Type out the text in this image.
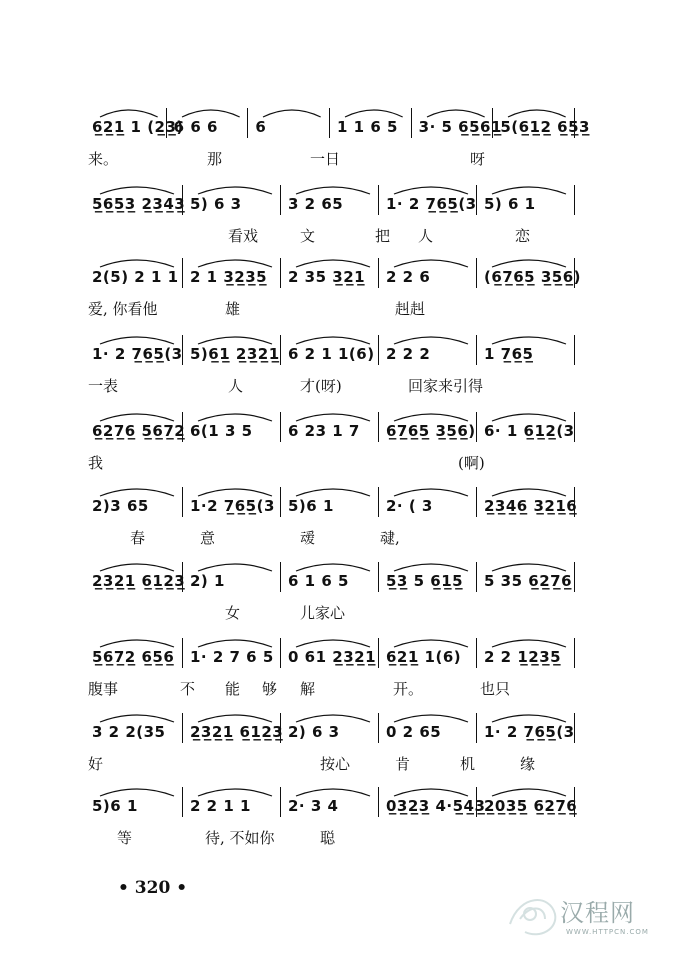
6̲2̲1̲ 1 (2̲3̲)
6 6 6 6	1 1 6 5 3· 5 6̲5̲6̲1̲
5(6̲1̲2̲ 6̲5̲3̲
来。	那	一日	呀
5̲6̲5̲3̲ 2̲3̲4̲3̲ 5) 6 3	3 2 65	1· 2 7̲6̲5̲(3 5) 6 1
看戏	文	把 人	恋
2(5) 2 1 1 2 1 3̲2̲3̲5̲ 2 35 3̲2̲1̲ 2 2 6	(6̲7̲6̲5̲ 3̲5̲6̲)
爱, 你看他	雄	赳赳
1· 2 7̲6̲5̲(3 5)6̲1̲ 2̲3̲2̲1̲ 6 2 1 1(6) 2 2 2	1 7̲6̲5̲
一表	人	才(呀)	回家来引得
6̲2̲7̲6̲ 5̲6̲7̲2̲ 6(1 3 5 6 23 1 7 6̲7̲6̲5̲ 3̲5̲6̲) 6· 1 6̲1̲2̲(3
我	(啊)
2)3 65	1·2 7̲6̲5̲(3 5)6 1	2· ( 3	2̲3̲4̲6̲ 3̲2̲1̲6̲
春	意	叆	叇,
2̲3̲2̲1̲ 6̲1̲2̲3̲ 2) 1	6 1 6 5 5̲3̲ 5 6̲1̲5̲ 5 35 6̲2̲7̲6̲
女	儿家心
5̲6̲7̲2̲ 6̲5̲6̲ 1· 2 7 6 5 0 61 2̲3̲2̲1̲ 6̲2̲1̲ 1(6) 2 2 1̲2̲3̲5̲
腹事	不 能 够 解	开。	也只
3 2 2(35 2̲3̲2̲1̲ 6̲1̲2̲3̲ 2) 6 3	0 2 65	1· 2 7̲6̲5̲(3
好	按心	肯	机	缘
5)6 1	2 2 1 1 2· 3 4	0̲3̲2̲3̲ 4·5̲4̲3̲
2̲0̲3̲5̲ 6̲2̲7̲6̲
等	待, 不如你	聪
• 320 •
汉程网
WWW.HTTPCN.COM
